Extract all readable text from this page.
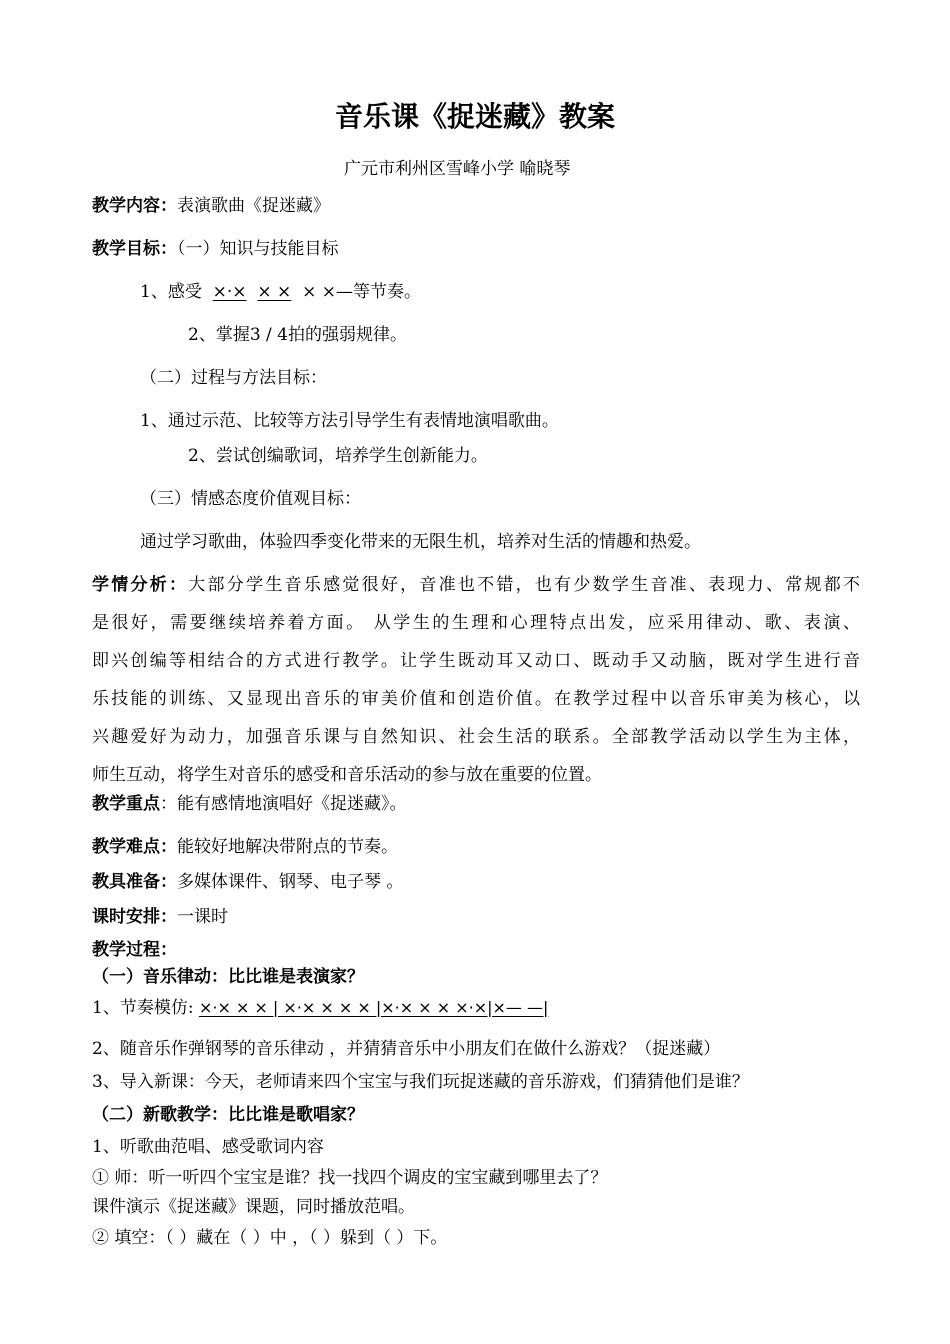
音乐课《捉迷藏》教案
广元市利州区雪峰小学 喻晓琴
教学内容：表演歌曲《捉迷藏》
教学目标：（一）知识与技能目标
1、感受 ×·× × × × ×—等节奏。
2、掌握3 / 4拍的强弱规律。
（二）过程与方法目标：
1、通过示范、比较等方法引导学生有表情地演唱歌曲。
2、尝试创编歌词，培养学生创新能力。
（三）情感态度价值观目标：
通过学习歌曲，体验四季变化带来的无限生机，培养对生活的情趣和热爱。
学情分析：大部分学生音乐感觉很好，音准也不错，也有少数学生音准、表现力、常规都不
是很好，需要继续培养着方面。 从学生的生理和心理特点出发，应采用律动、歌、表演、
即兴创编等相结合的方式进行教学。让学生既动耳又动口、既动手又动脑，既对学生进行音
乐技能的训练、又显现出音乐的审美价值和创造价值。在教学过程中以音乐审美为核心，以
兴趣爱好为动力，加强音乐课与自然知识、社会生活的联系。全部教学活动以学生为主体，
师生互动，将学生对音乐的感受和音乐活动的参与放在重要的位置。
教学重点：能有感情地演唱好《捉迷藏》。
教学难点：能较好地解决带附点的节奏。
教具准备：多媒体课件、钢琴、电子琴 。
课时安排：一课时
教学过程：
（一）音乐律动：比比谁是表演家？
1、节奏模仿: ×·× × × | ×·× × × × |×·× × × ×·×|×— —|
2、随音乐作弹钢琴的音乐律动 ，并猜猜音乐中小朋友们在做什么游戏？（捉迷藏）
3、导入新课：今天，老师请来四个宝宝与我们玩捉迷藏的音乐游戏，们猜猜他们是谁？
（二）新歌教学：比比谁是歌唱家？
1、听歌曲范唱、感受歌词内容
① 师：听一听四个宝宝是谁？找一找四个调皮的宝宝藏到哪里去了？
课件演示《捉迷藏》课题，同时播放范唱。
② 填空：（ ）藏在（ ）中 ，（ ）躲到（ ）下。
